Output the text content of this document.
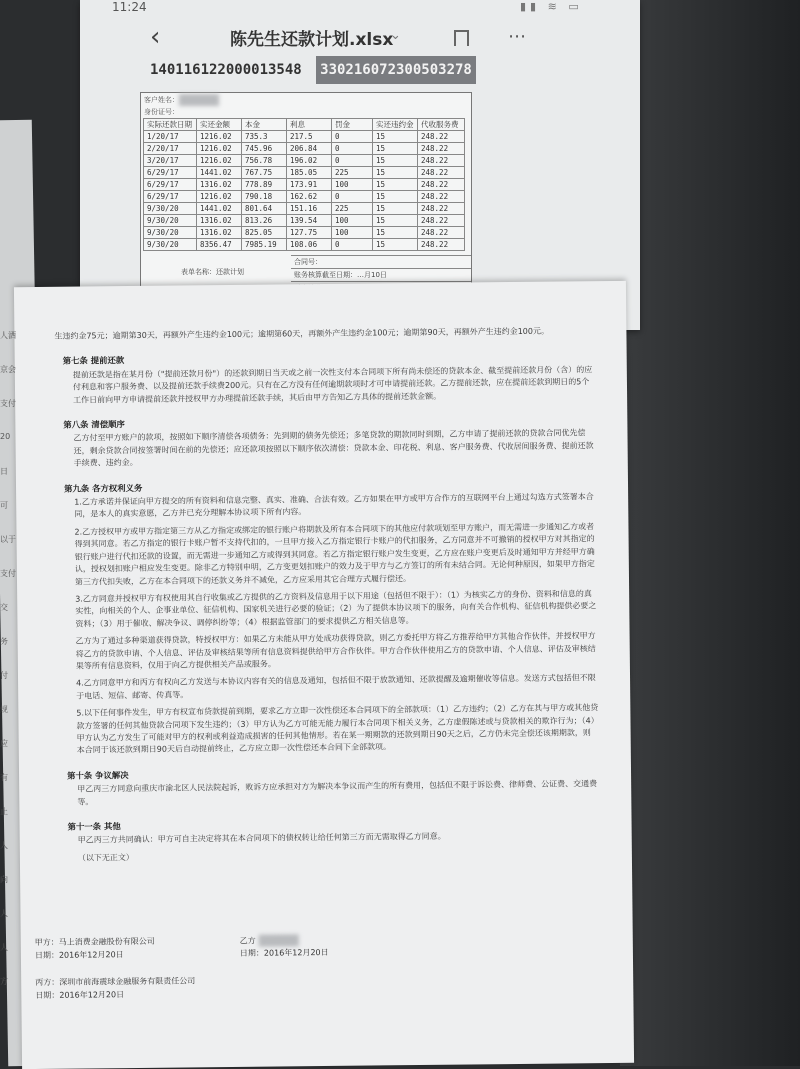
11:24	▮▮ ≋ ▭
‹	陈先生还款计划.xlsx
⌄	⋯
140116122000013548	330216072300503278
客户姓名：
身份证号：
实际还款日期	实还金额	本金	利息	罚金	实还违约金	代收服务费
1/20/17	1216.02	735.3	217.5	0	15	248.22
2/20/17	1216.02	745.96	206.84	0	15	248.22
3/20/17	1216.02	756.78	196.02	0	15	248.22
6/29/17	1441.02	767.75	185.05	225	15	248.22
6/29/17	1316.02	778.89	173.91	100	15	248.22
6/29/17	1216.02	790.18	162.62	0	15	248.22
9/30/20	1441.02	801.64	151.16	225	15	248.22
9/30/20	1316.02	813.26	139.54	100	15	248.22
9/30/20	1316.02	825.05	127.75	100	15	248.22
9/30/20	8356.47	7985.19	108.06	0	15	248.22
表单名称：还款计划
合同号：
账务核算截至日期：…月10日

生违约金75元；逾期第30天，再额外产生违约金100元；逾期第60天，再额外产生违约金100元；逾期第90天，再额外产生违约金100元。

第七条 提前还款

提前还款是指在某月份（"提前还款月份"）的还款到期日当天或之前一次性支付本合同项下所有尚未偿还的贷款本金、截至提前还款月份（含）的应付利息和客户服务费、以及提前还款手续费200元。只有在乙方没有任何逾期款项时才可申请提前还款。乙方提前还款，应在提前还款到期日的5个工作日前向甲方申请提前还款并授权甲方办理提前还款手续，其后由甲方告知乙方具体的提前还款金额。

第八条 清偿顺序

乙方付至甲方账户的款项，按照如下顺序清偿各项债务：先到期的债务先偿还；多笔贷款的期款同时到期，乙方申请了提前还款的贷款合同优先偿还，剩余贷款合同按签署时间在前的先偿还；应还款项按照以下顺序依次清偿：贷款本金、印花税、利息、客户服务费、代收居间服务费、提前还款手续费、违约金。

第九条 各方权利义务

1.乙方承诺并保证向甲方提交的所有资料和信息完整、真实、准确、合法有效。乙方如果在甲方或甲方合作方的互联网平台上通过勾选方式签署本合同，是本人的真实意愿，乙方并已充分理解本协议项下所有内容。

2.乙方授权甲方或甲方指定第三方从乙方指定或绑定的银行账户将期款及所有本合同项下的其他应付款项划至甲方账户，而无需进一步通知乙方或者得到其同意。若乙方指定的银行卡账户暂不支持代扣的，一旦甲方接入乙方指定银行卡账户的代扣服务，乙方同意并不可撤销的授权甲方对其指定的银行账户进行代扣还款的设置，而无需进一步通知乙方或得到其同意。若乙方指定银行账户发生变更，乙方应在账户变更后及时通知甲方并经甲方确认，授权划扣账户相应发生变更。除非乙方特别申明，乙方变更划扣账户的效力及于甲方与乙方签订的所有未结合同。无论何种原因，如果甲方指定第三方代扣失败，乙方在本合同项下的还款义务并不减免，乙方应采用其它合理方式履行偿还。

3.乙方同意并授权甲方有权使用其自行收集或乙方提供的乙方资料及信息用于以下用途（包括但不限于）：（1）为核实乙方的身份、资料和信息的真实性，向相关的个人、企事业单位、征信机构、国家机关进行必要的验证；（2）为了提供本协议项下的服务，向有关合作机构、征信机构提供必要之资料；（3）用于催收、解决争议、调停纠纷等；（4）根据监管部门的要求提供乙方相关信息等。

乙方为了通过多种渠道获得贷款，特授权甲方：如果乙方未能从甲方处成功获得贷款，则乙方委托甲方将乙方推荐给甲方其他合作伙伴，并授权甲方将乙方的贷款申请、个人信息、评估及审核结果等所有信息资料提供给甲方合作伙伴。甲方合作伙伴使用乙方的贷款申请、个人信息、评估及审核结果等所有信息资料，仅用于向乙方提供相关产品或服务。

4.乙方同意甲方和丙方有权向乙方发送与本协议内容有关的信息及通知，包括但不限于放款通知、还款提醒及逾期催收等信息。发送方式包括但不限于电话、短信、邮寄、传真等。

5.以下任何事件发生，甲方有权宣布贷款提前到期，要求乙方立即一次性偿还本合同项下的全部款项：（1）乙方违约；（2）乙方在其与甲方或其他贷款方签署的任何其他贷款合同项下发生违约；（3）甲方认为乙方可能无能力履行本合同项下相关义务，乙方虚假陈述或与贷款相关的欺诈行为；（4）甲方认为乙方发生了可能对甲方的权利或利益造成损害的任何其他情形。若在某一期期款的还款到期日90天之后，乙方仍未完全偿还该期期款，则本合同于该还款到期日90天后自动提前终止，乙方应立即一次性偿还本合同下全部款项。

第十条 争议解决

甲乙丙三方同意向重庆市渝北区人民法院起诉，败诉方应承担对方为解决本争议而产生的所有费用，包括但不限于诉讼费、律师费、公证费、交通费等。

第十一条 其他

甲乙丙三方共同确认：甲方可自主决定将其在本合同项下的债权转让给任何第三方而无需取得乙方同意。

（以下无正文）

甲方：马上消费金融股份有限公司	乙方
日期：2016年12月20日	日期：2016年12月20日
丙方：深圳市前海震球金融服务有限责任公司
日期：2016年12月20日
人洒
京会
支付
20
日
可
以于
支付
交
务
付
规
应
有
止
人
向
人
人
方
